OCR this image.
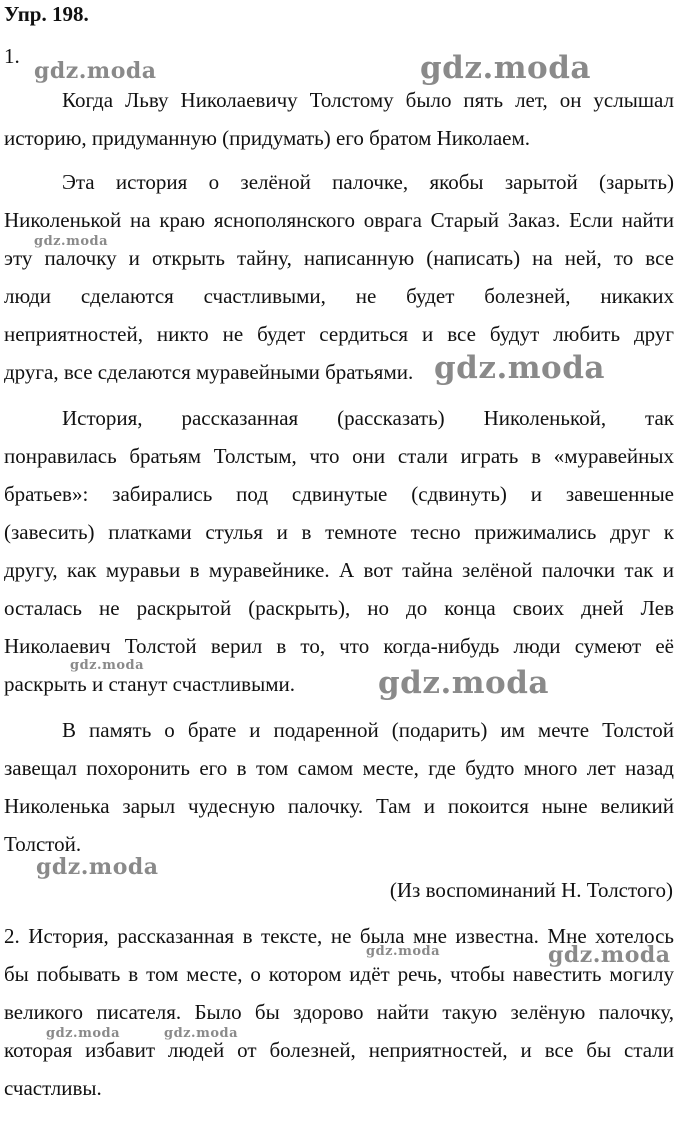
Упр. 198.
1.
Когда Льву Николаевичу Толстому было пять лет, он услышал
историю, придуманную (придумать) его братом Николаем.
Эта история о зелёной палочке, якобы зарытой (зарыть)
Николенькой на краю яснополянского оврага Старый Заказ. Если найти
эту палочку и открыть тайну, написанную (написать) на ней, то все
люди сделаются счастливыми, не будет болезней, никаких
неприятностей, никто не будет сердиться и все будут любить друг
друга, все сделаются муравейными братьями.
История, рассказанная (рассказать) Николенькой, так
понравилась братьям Толстым, что они стали играть в «муравейных
братьев»: забирались под сдвинутые (сдвинуть) и завешенные
(завесить) платками стулья и в темноте тесно прижимались друг к
другу, как муравьи в муравейнике. А вот тайна зелёной палочки так и
осталась не раскрытой (раскрыть), но до конца своих дней Лев
Николаевич Толстой верил в то, что когда-нибудь люди сумеют её
раскрыть и станут счастливыми.
В память о брате и подаренной (подарить) им мечте Толстой
завещал похоронить его в том самом месте, где будто много лет назад
Николенька зарыл чудесную палочку. Там и покоится ныне великий
Толстой.
(Из воспоминаний Н. Толстого)
2. История, рассказанная в тексте, не была мне известна. Мне хотелось
бы побывать в том месте, о котором идёт речь, чтобы навестить могилу
великого писателя. Было бы здорово найти такую зелёную палочку,
которая избавит людей от болезней, неприятностей, и все бы стали
счастливы.
gdz.moda	gdz.moda
gdz.moda
gdz.moda
gdz.moda	gdz.moda
gdz.moda
gdz.moda	gdz.moda
gdz.moda	gdz.moda
